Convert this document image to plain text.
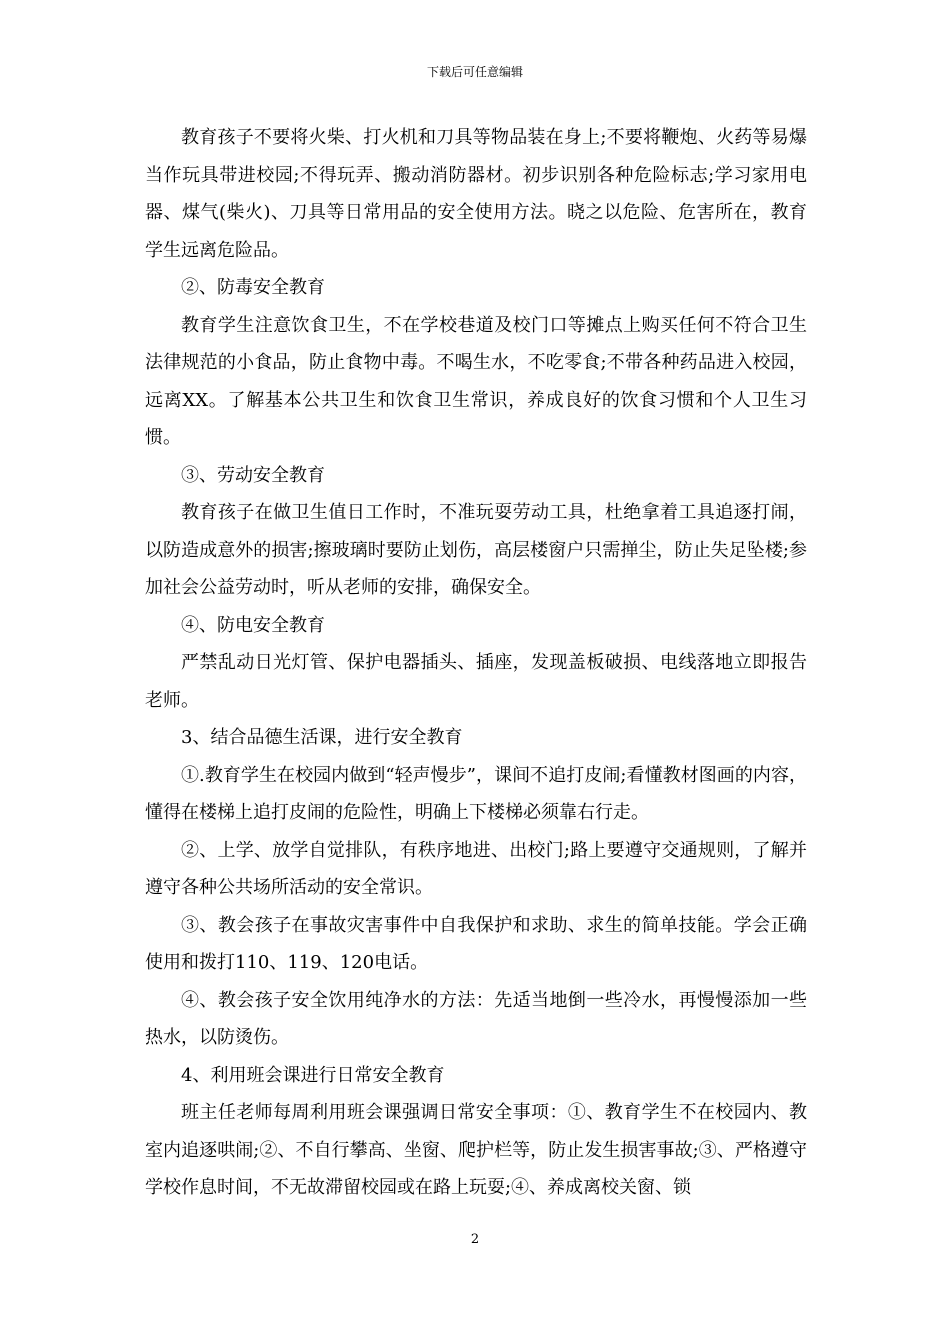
下载后可任意编辑

教育孩子不要将火柴、打火机和刀具等物品装在身上;不要将鞭炮、火药等易爆当作玩具带进校园;不得玩弄、搬动消防器材。初步识别各种危险标志;学习家用电器、煤气(柴火)、刀具等日常用品的安全使用方法。晓之以危险、危害所在，教育学生远离危险品。

②、防毒安全教育

教育学生注意饮食卫生，不在学校巷道及校门口等摊点上购买任何不符合卫生法律规范的小食品，防止食物中毒。不喝生水，不吃零食;不带各种药品进入校园，远离XX。了解基本公共卫生和饮食卫生常识，养成良好的饮食习惯和个人卫生习惯。

③、劳动安全教育

教育孩子在做卫生值日工作时，不准玩耍劳动工具，杜绝拿着工具追逐打闹，以防造成意外的损害;擦玻璃时要防止划伤，高层楼窗户只需掸尘，防止失足坠楼;参加社会公益劳动时，听从老师的安排，确保安全。

④、防电安全教育

严禁乱动日光灯管、保护电器插头、插座，发现盖板破损、电线落地立即报告老师。

3、结合品德生活课，进行安全教育

①.教育学生在校园内做到“轻声慢步”，课间不追打皮闹;看懂教材图画的内容，懂得在楼梯上追打皮闹的危险性，明确上下楼梯必须靠右行走。

②、上学、放学自觉排队，有秩序地进、出校门;路上要遵守交通规则，了解并遵守各种公共场所活动的安全常识。

③、教会孩子在事故灾害事件中自我保护和求助、求生的简单技能。学会正确使用和拨打110、119、120电话。

④、教会孩子安全饮用纯净水的方法：先适当地倒一些冷水，再慢慢添加一些热水，以防烫伤。

4、利用班会课进行日常安全教育

班主任老师每周利用班会课强调日常安全事项：①、教育学生不在校园内、教室内追逐哄闹;②、不自行攀高、坐窗、爬护栏等，防止发生损害事故;③、严格遵守学校作息时间，不无故滞留校园或在路上玩耍;④、养成离校关窗、锁

2
